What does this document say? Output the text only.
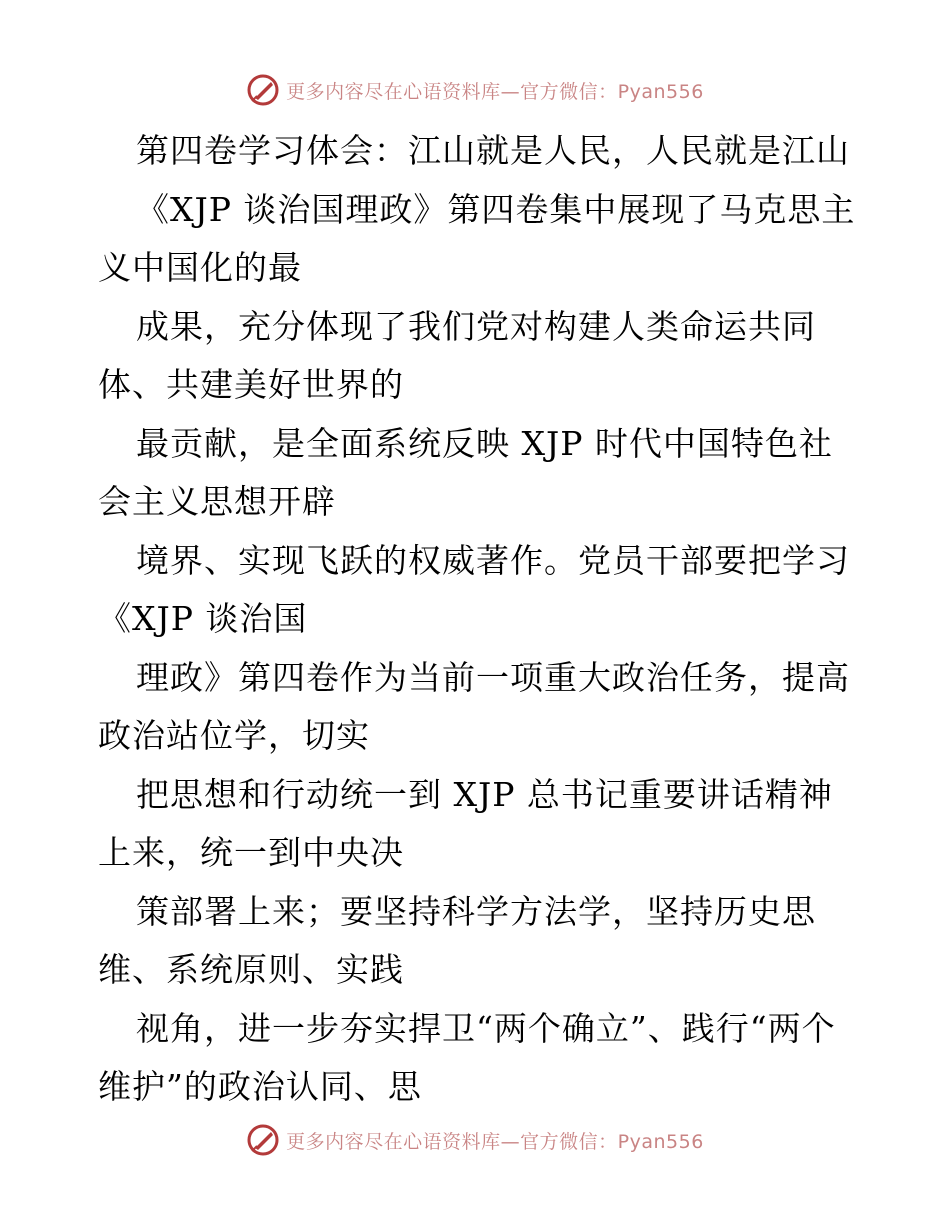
更多内容尽在心语资料库—官方微信：Pyan556

第四卷学习体会：江山就是人民，人民就是江山

《XJP 谈治国理政》第四卷集中展现了马克思主义中国化的最

成果，充分体现了我们党对构建人类命运共同体、共建美好世界的

最贡献，是全面系统反映 XJP 时代中国特色社会主义思想开辟

境界、实现飞跃的权威著作。党员干部要把学习《XJP 谈治国

理政》第四卷作为当前一项重大政治任务，提高政治站位学，切实

把思想和行动统一到 XJP 总书记重要讲话精神上来，统一到中央决

策部署上来；要坚持科学方法学，坚持历史思维、系统原则、实践

视角，进一步夯实捍卫“两个确立”、践行“两个维护”的政治认同、思

更多内容尽在心语资料库—官方微信：Pyan556
